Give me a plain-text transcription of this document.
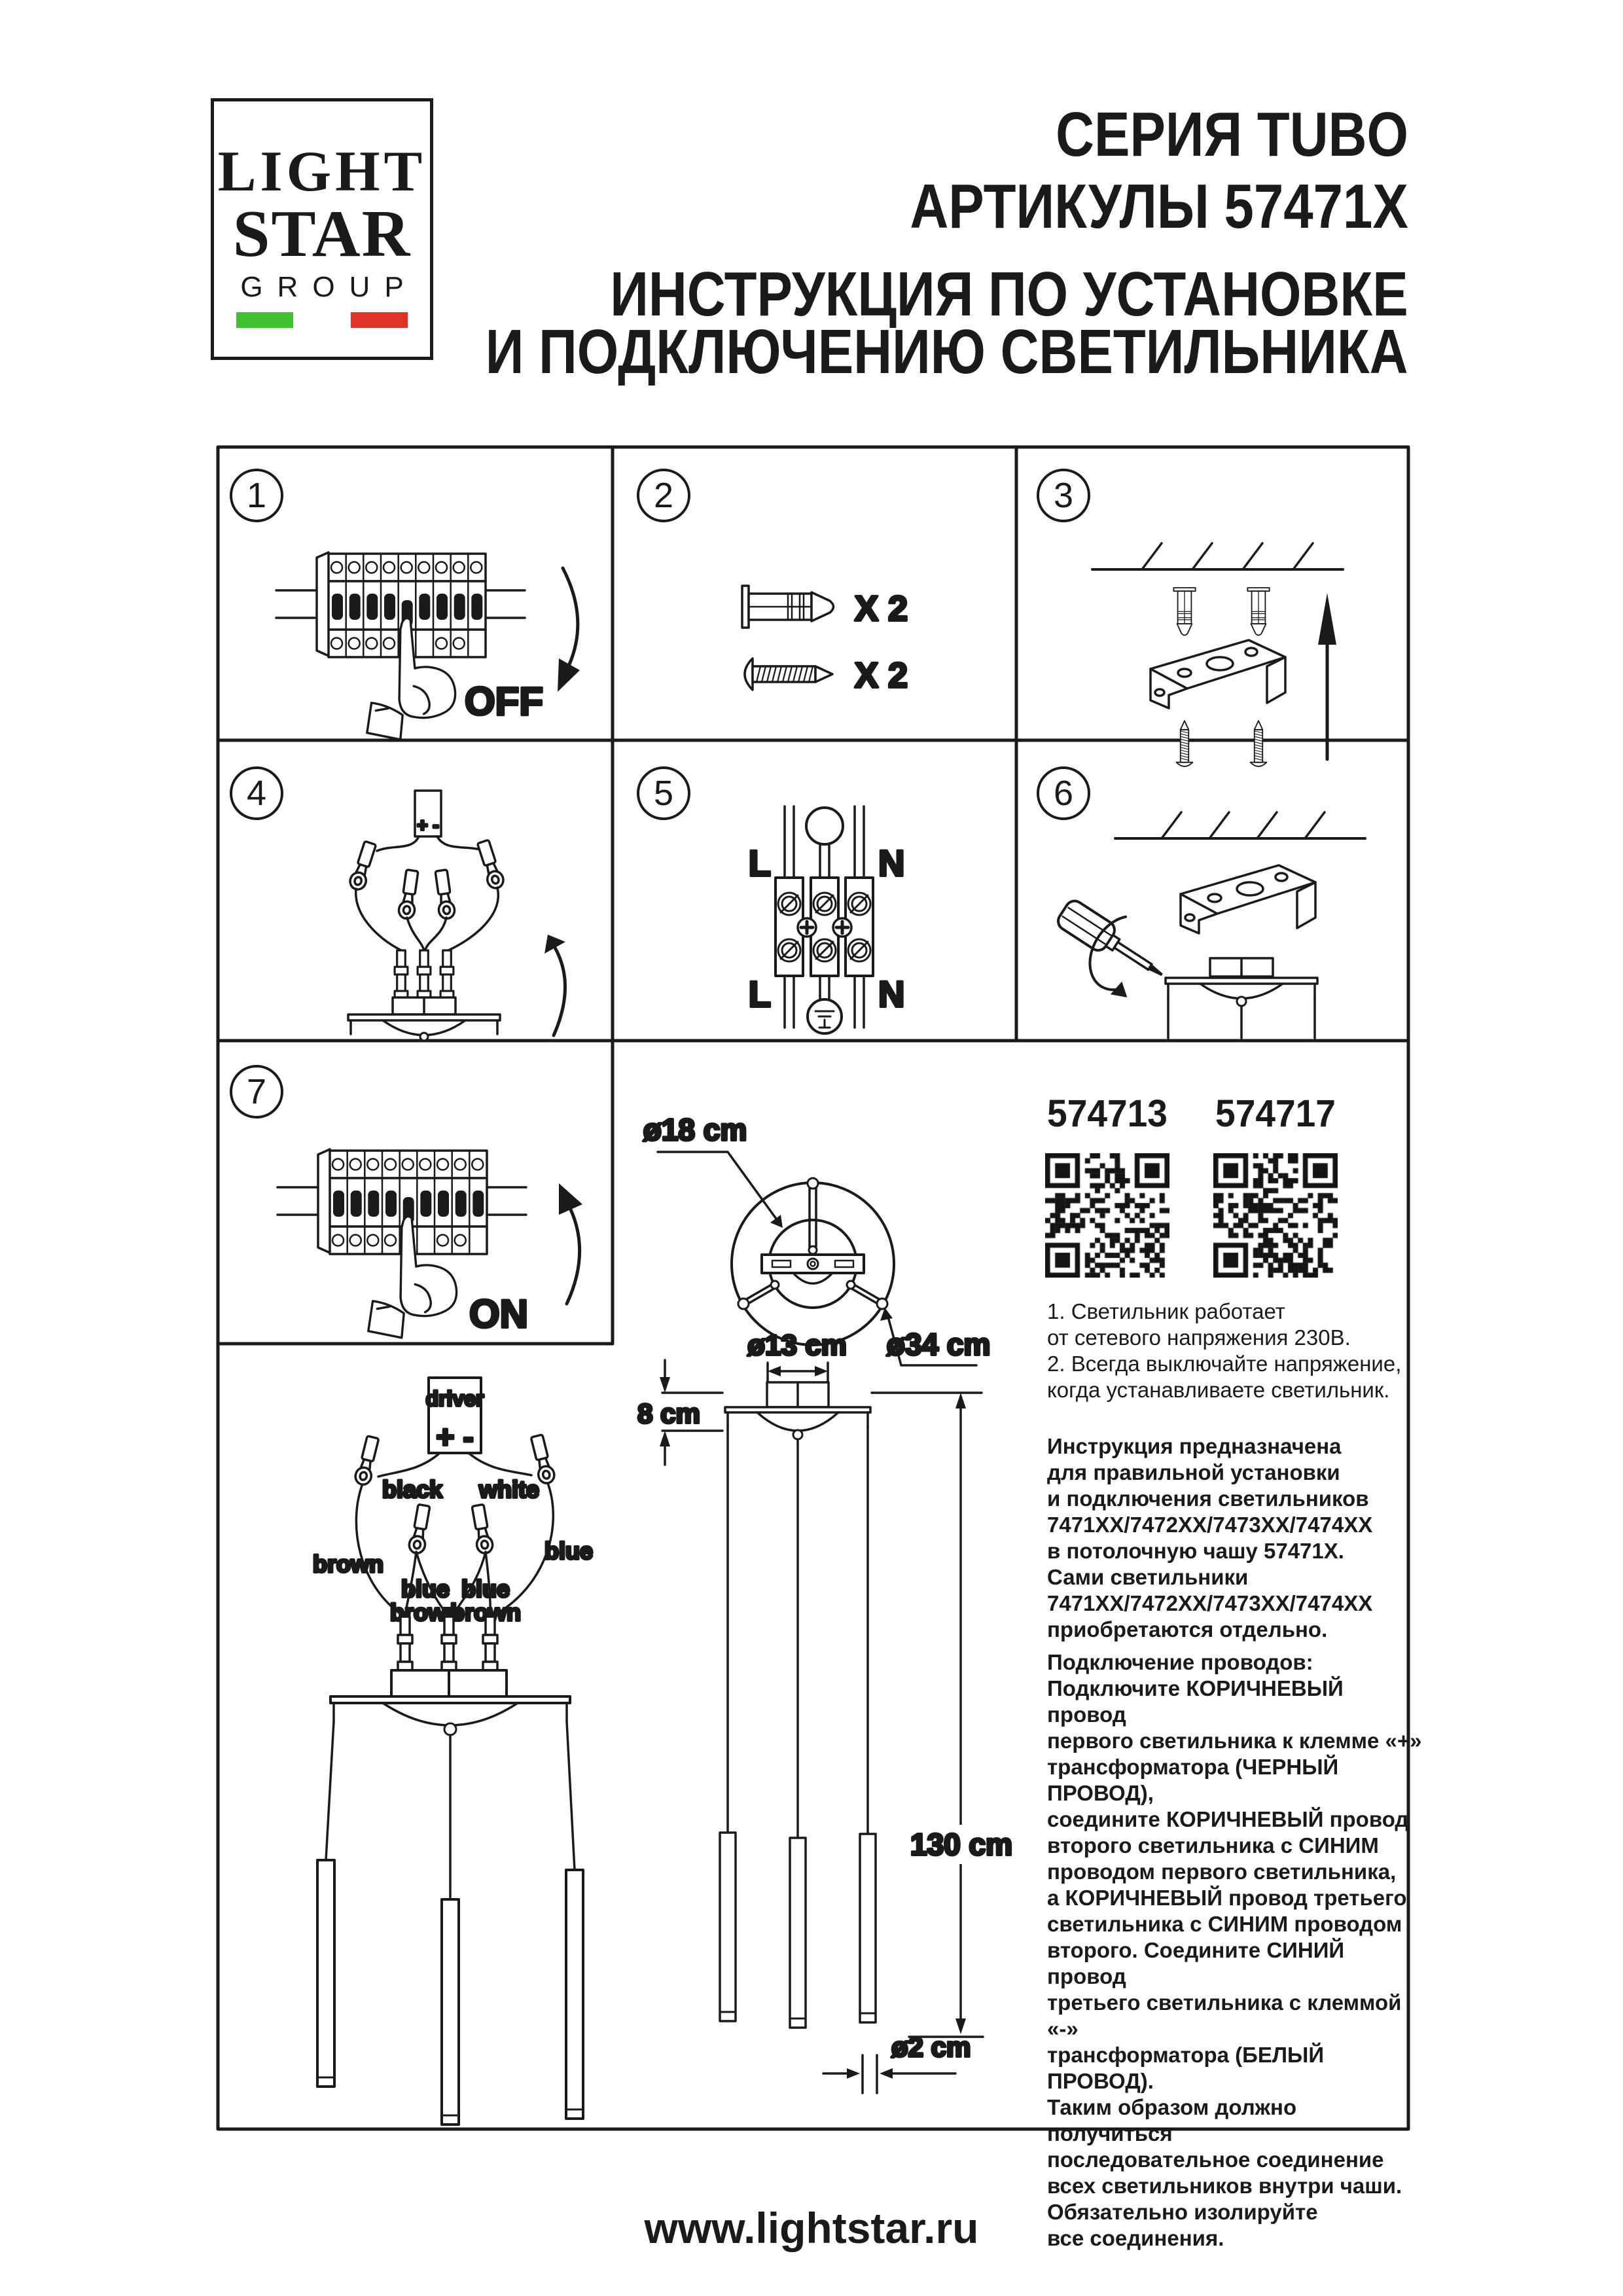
LIGHT
STAR
GROUP
СЕРИЯ TUBO
АРТИКУЛЫ 57471X
ИНСТРУКЦИЯ ПО УСТАНОВКЕ
И ПОДКЛЮЧЕНИЮ СВЕТИЛЬНИКА
1	2	3
4	5	6
7
OFF
X 2
X 2
+ -
L	N
L	N
ON
ø18 cm
ø34 cm
driver
+ -
black white
brown	blue
blue
brown
blue
brown
ø13 cm
8 cm
130 cm
ø2 cm
574713 574717
1. Светильник работает
от сетевого напряжения 230В.
2. Всегда выключайте напряжение,
когда устанавливаете светильник.
Инструкция предназначена
для правильной установки
и подключения светильников
7471XX/7472XX/7473XX/7474XX
в потолочную чашу 57471X.
Сами светильники
7471XX/7472XX/7473XX/7474XX
приобретаются отдельно.
Подключение проводов:
Подключите КОРИЧНЕВЫЙ провод
первого светильника к клемме «+»
трансформатора (ЧЕРНЫЙ ПРОВОД),
соедините КОРИЧНЕВЫЙ провод
второго светильника с СИНИМ
проводом первого светильника,
а КОРИЧНЕВЫЙ провод третьего
светильника с СИНИМ проводом
второго. Соедините СИНИЙ провод
третьего светильника с клеммой «-»
трансформатора (БЕЛЫЙ ПРОВОД).
Таким образом должно получиться
последовательное соединение
всех светильников внутри чаши.
Обязательно изолируйте
все соединения.
www.lightstar.ru
